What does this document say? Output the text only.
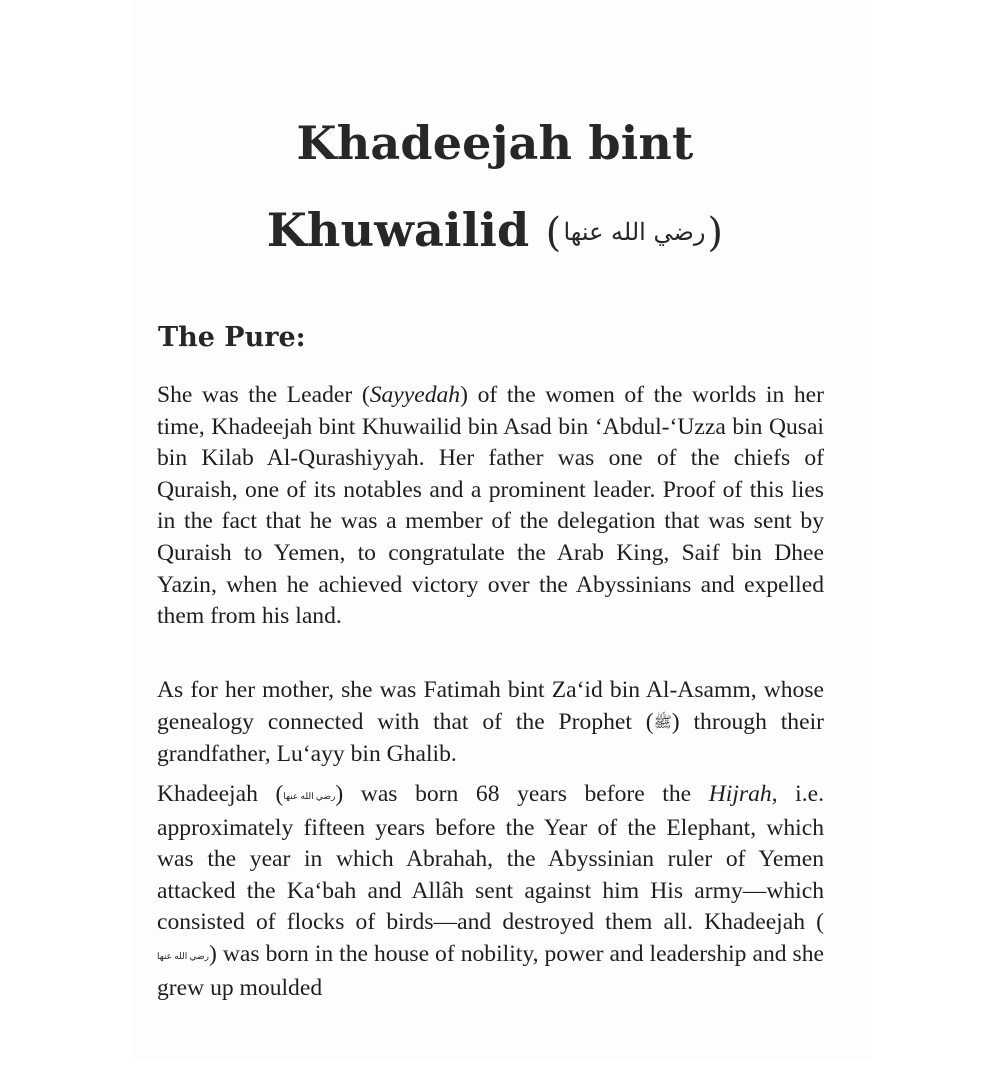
Khadeejah bint
Khuwailid (رضي الله عنها)
The Pure:

She was the Leader (Sayyedah) of the women of the worlds in her time, Khadeejah bint Khuwailid bin Asad bin ‘Abdul-‘Uzza bin Qusai bin Kilab Al-Qurashiyyah. Her father was one of the chiefs of Quraish, one of its notables and a prominent leader. Proof of this lies in the fact that he was a member of the delegation that was sent by Quraish to Yemen, to congratulate the Arab King, Saif bin Dhee Yazin, when he achieved victory over the Abyssinians and expelled them from his land.

As for her mother, she was Fatimah bint Za‘id bin Al-Asamm, whose genealogy connected with that of the Prophet (ﷺ) through their grandfather, Lu‘ayy bin Ghalib.

Khadeejah (رضي الله عنها) was born 68 years before the Hijrah, i.e. approximately fifteen years before the Year of the Elephant, which was the year in which Abrahah, the Abyssinian ruler of Yemen attacked the Ka‘bah and Allâh sent against him His army—which consisted of flocks of birds—and destroyed them all. Khadeejah (رضي الله عنها) was born in the house of nobility, power and leadership and she grew up moulded
